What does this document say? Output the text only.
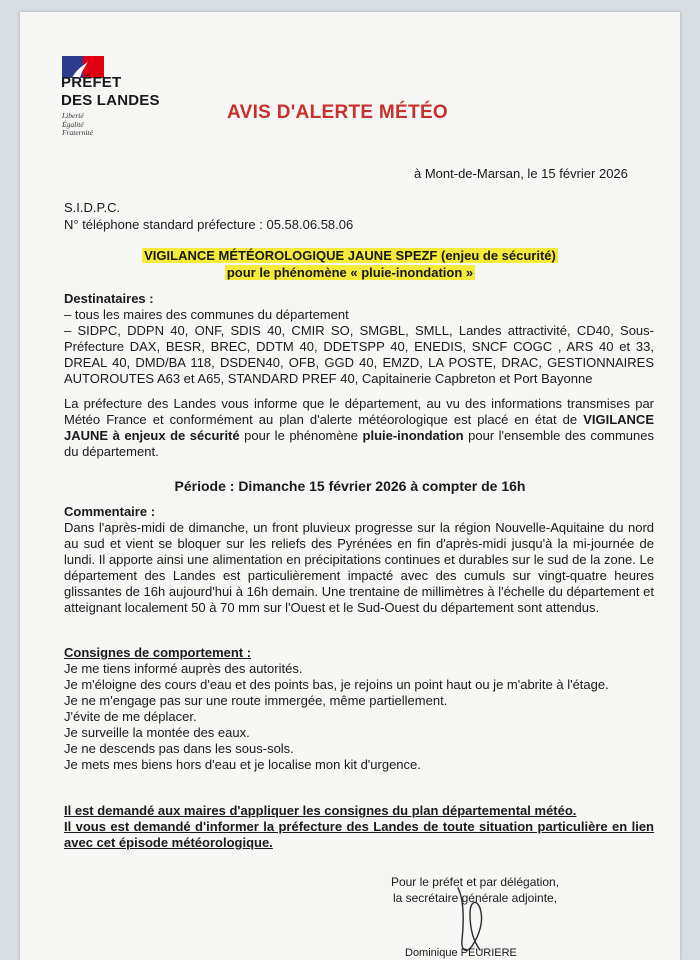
PRÉFET
DES LANDES
Liberté
Égalité
Fraternité
AVIS D'ALERTE MÉTÉO
à Mont-de-Marsan, le 15 février 2026
S.I.D.P.C.
N° téléphone standard préfecture : 05.58.06.58.06
VIGILANCE MÉTÉOROLOGIQUE JAUNE SPEZF (enjeu de sécurité)
pour le phénomène « pluie-inondation »
Destinataires :
– tous les maires des communes du département
– SIDPC, DDPN 40, ONF, SDIS 40, CMIR SO, SMGBL, SMLL, Landes attractivité, CD40, Sous-Préfecture DAX, BESR, BREC, DDTM 40, DDETSPP 40, ENEDIS, SNCF COGC , ARS 40 et 33, DREAL 40, DMD/BA 118, DSDEN40, OFB, GGD 40, EMZD, LA POSTE, DRAC, GESTIONNAIRES AUTOROUTES A63 et A65, STANDARD PREF 40, Capitainerie Capbreton et Port Bayonne
La préfecture des Landes vous informe que le département, au vu des informations transmises par Météo France et conformément au plan d'alerte météorologique est placé en état de VIGILANCE JAUNE à enjeux de sécurité pour le phénomène pluie-inondation pour l'ensemble des communes du département.
Période : Dimanche 15 février 2026 à compter de 16h
Commentaire :
Dans l'après-midi de dimanche, un front pluvieux progresse sur la région Nouvelle-Aquitaine du nord au sud et vient se bloquer sur les reliefs des Pyrénées en fin d'après-midi jusqu'à la mi-journée de lundi. Il apporte ainsi une alimentation en précipitations continues et durables sur le sud de la zone. Le département des Landes est particulièrement impacté avec des cumuls sur vingt-quatre heures glissantes de 16h aujourd'hui à 16h demain. Une trentaine de millimètres à l'échelle du département et atteignant localement 50 à 70 mm sur l'Ouest et le Sud-Ouest du département sont attendus.
Consignes de comportement :
Je me tiens informé auprès des autorités.
Je m'éloigne des cours d'eau et des points bas, je rejoins un point haut ou je m'abrite à l'étage.
Je ne m'engage pas sur une route immergée, même partiellement.
J'évite de me déplacer.
Je surveille la montée des eaux.
Je ne descends pas dans les sous-sols.
Je mets mes biens hors d'eau et je localise mon kit d'urgence.
Il est demandé aux maires d'appliquer les consignes du plan départemental météo.
Il vous est demandé d'informer la préfecture des Landes de toute situation particulière en lien avec cet épisode météorologique.
Pour le préfet et par délégation,
la secrétaire générale adjointe,
Dominique PEURIERE
